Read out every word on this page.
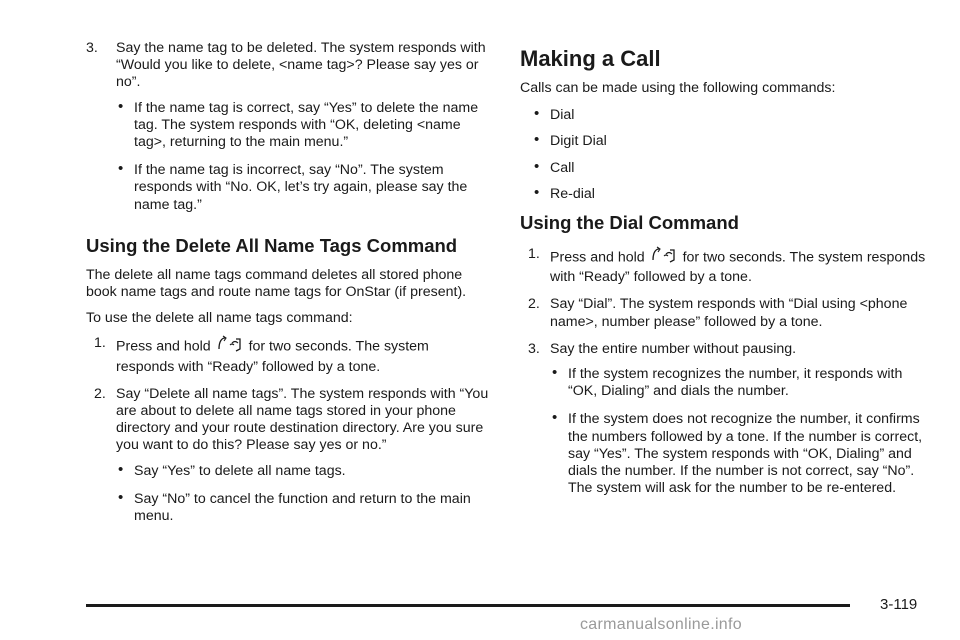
3.	Say the name tag to be deleted. The system responds with “Would you like to delete, <name tag>? Please say yes or no”.

• If the name tag is correct, say “Yes” to delete the name tag. The system responds with “OK, deleting <name tag>, returning to the main menu.”
• If the name tag is incorrect, say “No”. The system responds with “No. OK, let’s try again, please say the name tag.”
Using the Delete All Name Tags Command

The delete all name tags command deletes all stored phone book name tags and route name tags for OnStar (if present).

To use the delete all name tags command:

1. Press and hold	for two seconds. The system responds with “Ready” followed by a tone.

2. Say “Delete all name tags”. The system responds with “You are about to delete all name tags stored in your phone directory and your route destination directory. Are you sure you want to do this? Please say yes or no.”

• Say “Yes” to delete all name tags.
• Say “No” to cancel the function and return to the main menu.
Making a Call

Calls can be made using the following commands:

• Dial
• Digit Dial
• Call
• Re-dial
Using the Dial Command
1. Press and hold	for two seconds. The system responds with “Ready” followed by a tone.

2. Say “Dial”. The system responds with “Dial using <phone name>, number please” followed by a tone.

3. Say the entire number without pausing.

• If the system recognizes the number, it responds with “OK, Dialing” and dials the number.
• If the system does not recognize the number, it confirms the numbers followed by a tone. If the number is correct, say “Yes”. The system responds with “OK, Dialing” and dials the number. If the number is not correct, say “No”. The system will ask for the number to be re-entered.
3-119
carmanualsonline.info
